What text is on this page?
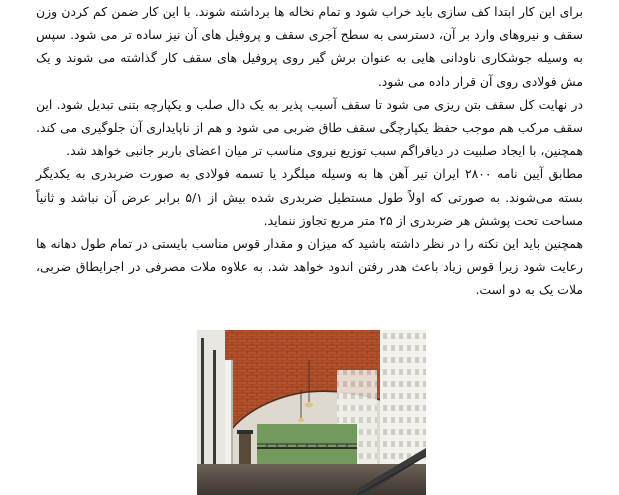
برای این کار ابتدا کف سازی باید خراب شود و تمام نخاله ها برداشته شوند. با این کار ضمن کم کردن وزن سقف و نیروهای وارد بر آن، دسترسی به سطح آجری سقف و پروفیل های آن نیز ساده تر می شود. سپس به وسیله جوشکاری ناودانی هایی به عنوان برش گیر روی پروفیل های سقف کار گذاشته می شوند و یک مش فولادی روی آن قرار داده می شود.

در نهایت کل سقف بتن ریزی می شود تا سقف آسیب پذیر به یک دال صلب و یکپارچه بتنی تبدیل شود. این سقف مرکب هم موجب حفظ یکپارچگی سقف طاق ضربی می شود و هم از ناپایداری آن جلوگیری می کند. همچنین، با ایجاد صلبیت در دیافراگم سبب توزیع نیروی مناسب تر میان اعضای باربر جانبی خواهد شد.

مطابق آیین نامه ۲۸۰۰ ایران تیر آهن ها به وسیله میلگرد یا تسمه فولادی به صورت ضربدری به یکدیگر بسته می‌شوند. به صورتی که اولاً طول مستطیل ضربدری شده بیش از ۵/۱ برابر عرض آن نباشد و ثانیاً مساحت تحت پوشش هر ضربدری از ۲۵ متر مربع تجاوز ننماید.

همچنین باید این نکته را در نظر داشته باشید که میزان و مقدار قوس مناسب بایستی در تمام طول دهانه ها رعایت شود زیرا قوس زیاد باعث هدر رفتن اندود خواهد شد. به علاوه ملات مصرفی در اجرا‌یطاق ضربی، ملات یک به دو است.
